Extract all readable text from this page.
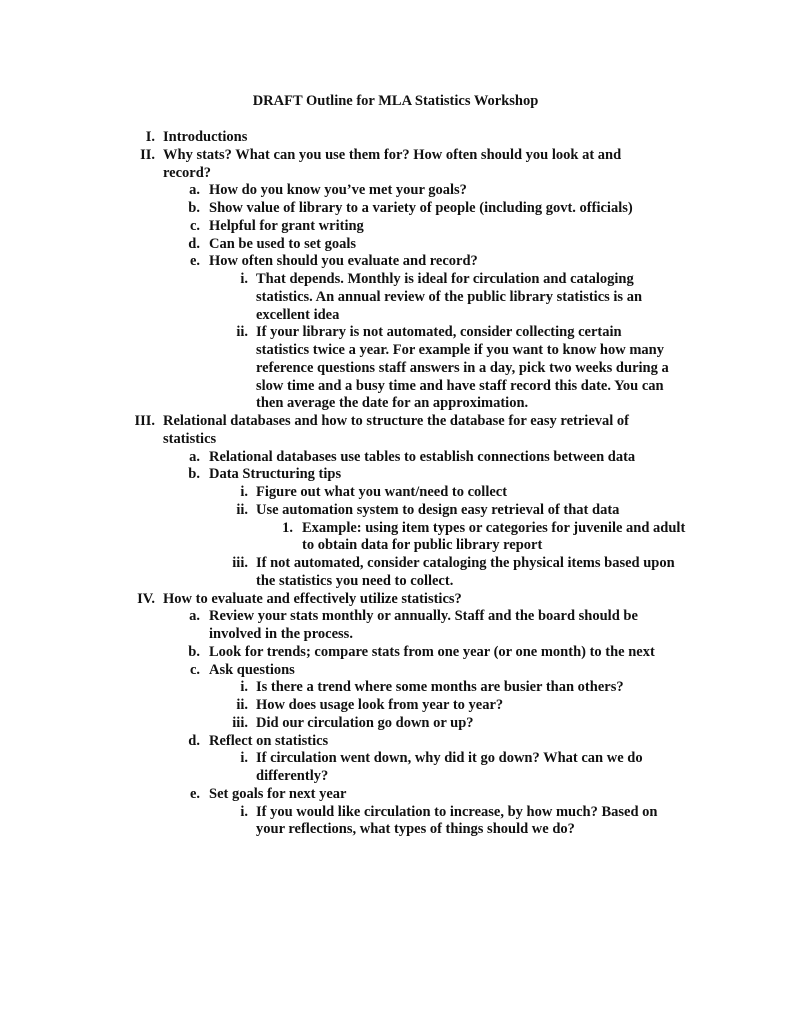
DRAFT Outline for MLA Statistics Workshop
I. Introductions
II. Why stats? What can you use them for? How often should you look at and record?
a. How do you know you’ve met your goals?
b. Show value of library to a variety of people (including govt. officials)
c. Helpful for grant writing
d. Can be used to set goals
e. How often should you evaluate and record?
i. That depends. Monthly is ideal for circulation and cataloging statistics. An annual review of the public library statistics is an excellent idea
ii. If your library is not automated, consider collecting certain statistics twice a year. For example if you want to know how many reference questions staff answers in a day, pick two weeks during a slow time and a busy time and have staff record this date. You can then average the date for an approximation.
III. Relational databases and how to structure the database for easy retrieval of statistics
a. Relational databases use tables to establish connections between data
b. Data Structuring tips
i. Figure out what you want/need to collect
ii. Use automation system to design easy retrieval of that data
1. Example: using item types or categories for juvenile and adult to obtain data for public library report
iii. If not automated, consider cataloging the physical items based upon the statistics you need to collect.
IV. How to evaluate and effectively utilize statistics?
a. Review your stats monthly or annually. Staff and the board should be involved in the process.
b. Look for trends; compare stats from one year (or one month) to the next
c. Ask questions
i. Is there a trend where some months are busier than others?
ii. How does usage look from year to year?
iii. Did our circulation go down or up?
d. Reflect on statistics
i. If circulation went down, why did it go down? What can we do differently?
e. Set goals for next year
i. If you would like circulation to increase, by how much? Based on your reflections, what types of things should we do?
